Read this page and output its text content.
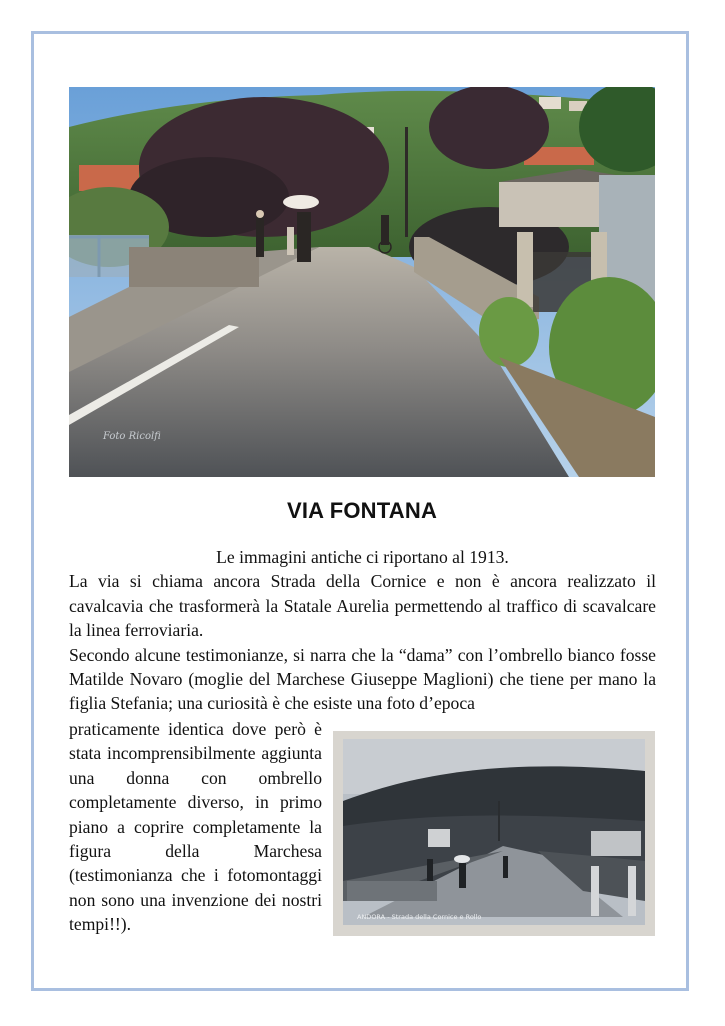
Foto Ricolfi
VIA FONTANA

Le immagini antiche ci riportano al 1913.

La via si chiama ancora Strada della Cornice e non è ancora realizzato il cavalcavia che trasformerà la Statale Aurelia permettendo al traffico di scavalcare la linea ferroviaria.

Secondo alcune testimonianze, si narra che la “dama” con l’ombrello bianco fosse Matilde Novaro (moglie del Marchese Giuseppe Maglioni) che tiene per mano la figlia Stefania; una curiosità è che esiste una foto d’epoca

praticamente identica dove però è stata incomprensibilmente aggiunta una donna con ombrello completamente diverso, in primo piano a coprire completamente la figura della Marchesa (testimonianza che i fotomontaggi non sono una invenzione dei nostri tempi!!).	ANDORA - Strada della Cornice e Rollo
